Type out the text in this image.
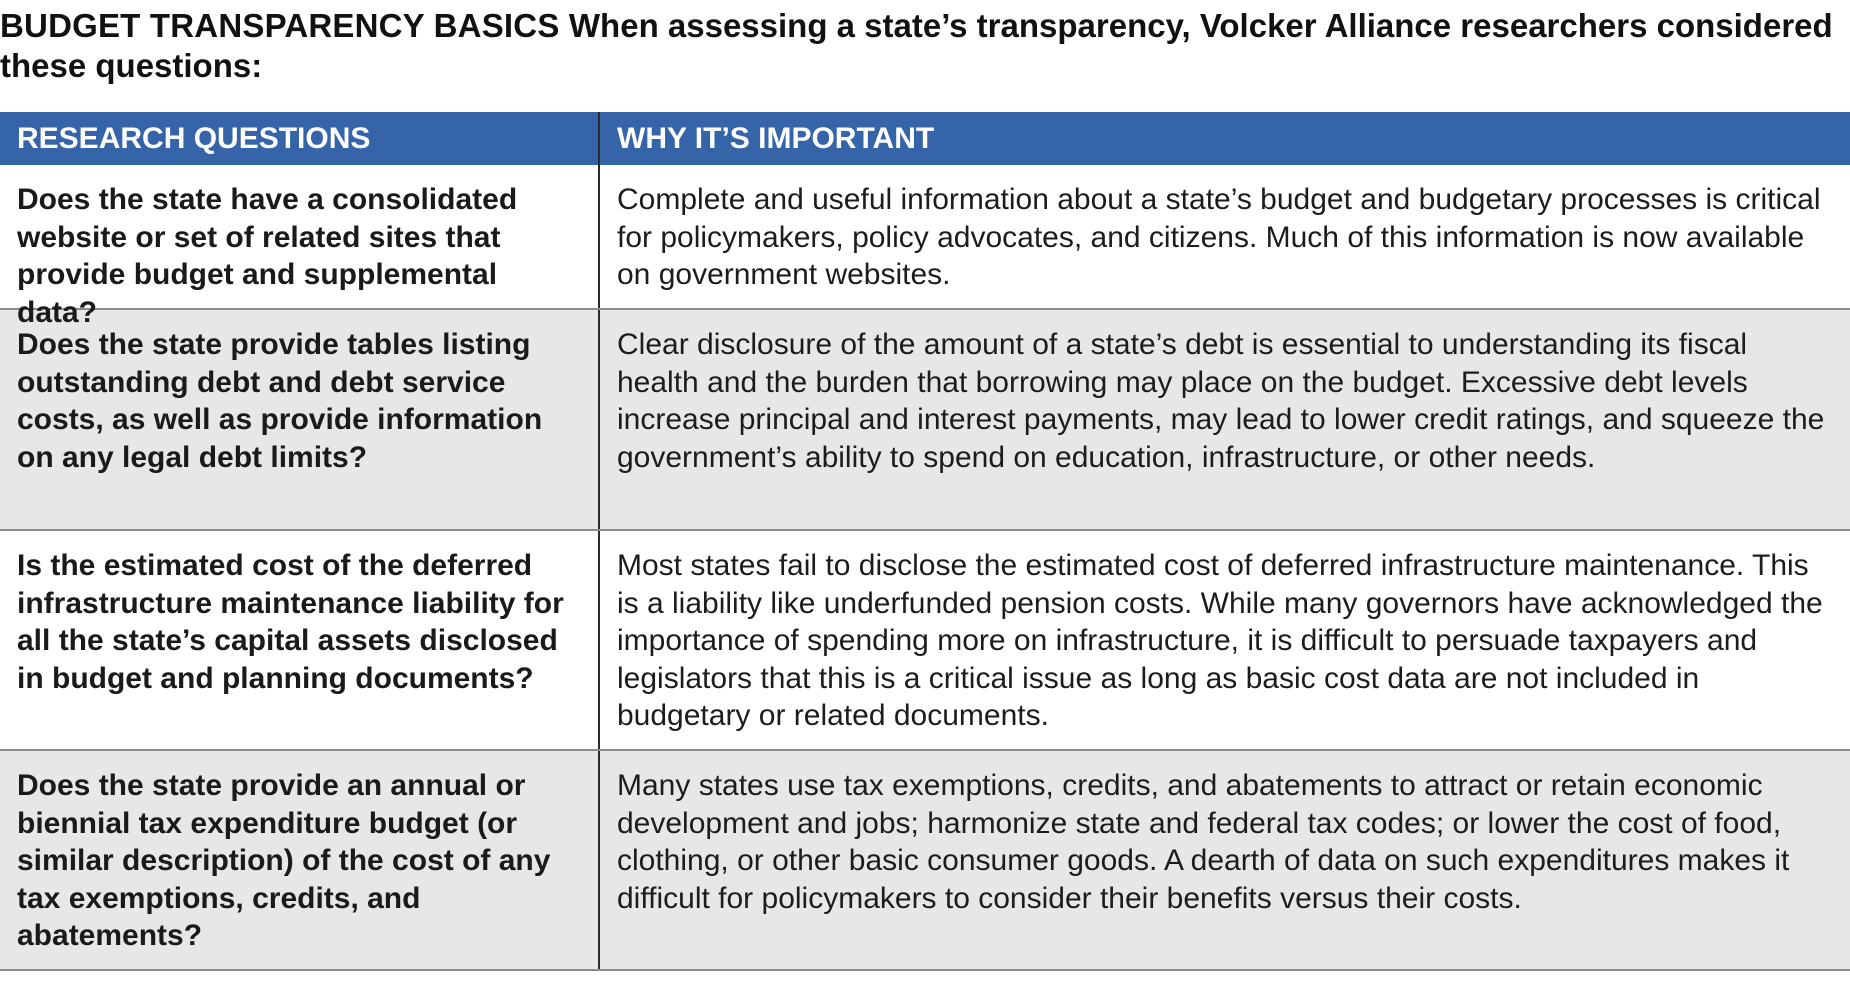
BUDGET TRANSPARENCY BASICS When assessing a state’s transparency, Volcker Alliance researchers considered these questions:
RESEARCH QUESTIONS	WHY IT’S IMPORTANT
Does the state have a consolidated website or set of related sites that provide budget and supplemental data?
Complete and useful information about a state’s budget and budgetary processes is critical for policymakers, policy advocates, and citizens. Much of this information is now available on government websites.
Does the state provide tables listing outstanding debt and debt service costs, as well as provide information on any legal debt limits?
Clear disclosure of the amount of a state’s debt is essential to understanding its fiscal health and the burden that borrowing may place on the budget. Excessive debt levels increase principal and interest payments, may lead to lower credit ratings, and squeeze the government’s ability to spend on education, infrastructure, or other needs.
Is the estimated cost of the deferred infrastructure maintenance liability for all the state’s capital assets disclosed in budget and planning documents?
Most states fail to disclose the estimated cost of deferred infrastructure maintenance. This is a liability like underfunded pension costs. While many governors have acknowledged the importance of spending more on infrastructure, it is difficult to persuade taxpayers and legislators that this is a critical issue as long as basic cost data are not included in budgetary or related documents.
Does the state provide an annual or biennial tax expenditure budget (or similar description) of the cost of any tax exemptions, credits, and abatements?
Many states use tax exemptions, credits, and abatements to attract or retain economic development and jobs; harmonize state and federal tax codes; or lower the cost of food, clothing, or other basic consumer goods. A dearth of data on such expenditures makes it difficult for policymakers to consider their benefits versus their costs.
